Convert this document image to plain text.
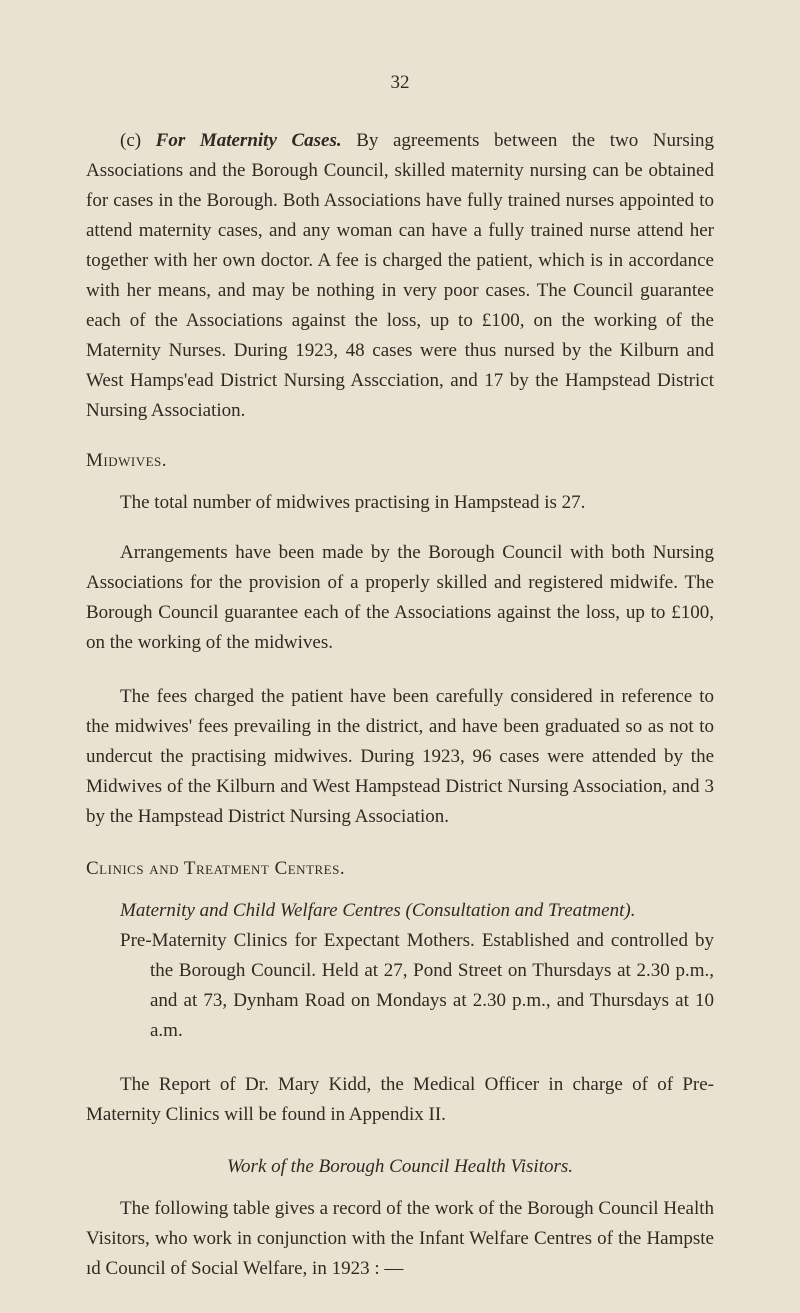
32

(c) For Maternity Cases. By agreements between the two Nursing Associations and the Borough Council, skilled maternity nursing can be obtained for cases in the Borough. Both Associations have fully trained nurses appointed to attend maternity cases, and any woman can have a fully trained nurse attend her together with her own doctor. A fee is charged the patient, which is in accordance with her means, and may be nothing in very poor cases. The Council guarantee each of the Associations against the loss, up to £100, on the working of the Maternity Nurses. During 1923, 48 cases were thus nursed by the Kilburn and West Hamps'ead District Nursing Asscciation, and 17 by the Hampstead District Nursing Association.

Midwives.

The total number of midwives practising in Hampstead is 27.

Arrangements have been made by the Borough Council with both Nursing Associations for the provision of a properly skilled and registered midwife. The Borough Council guarantee each of the Associations against the loss, up to £100, on the working of the midwives.

The fees charged the patient have been carefully considered in reference to the midwives' fees prevailing in the district, and have been graduated so as not to undercut the practising midwives. During 1923, 96 cases were attended by the Midwives of the Kilburn and West Hampstead District Nursing Association, and 3 by the Hampstead District Nursing Association.

Clinics and Treatment Centres.
Maternity and Child Welfare Centres (Consultation and Treatment).

Pre-Maternity Clinics for Expectant Mothers. Established and controlled by the Borough Council. Held at 27, Pond Street on Thursdays at 2.30 p.m., and at 73, Dynham Road on Mondays at 2.30 p.m., and Thursdays at 10 a.m.

The Report of Dr. Mary Kidd, the Medical Officer in charge of of Pre-Maternity Clinics will be found in Appendix II.

Work of the Borough Council Health Visitors.

The following table gives a record of the work of the Borough Council Health Visitors, who work in conjunction with the Infant Welfare Centres of the Hampste ıd Council of Social Welfare, in 1923 : —
